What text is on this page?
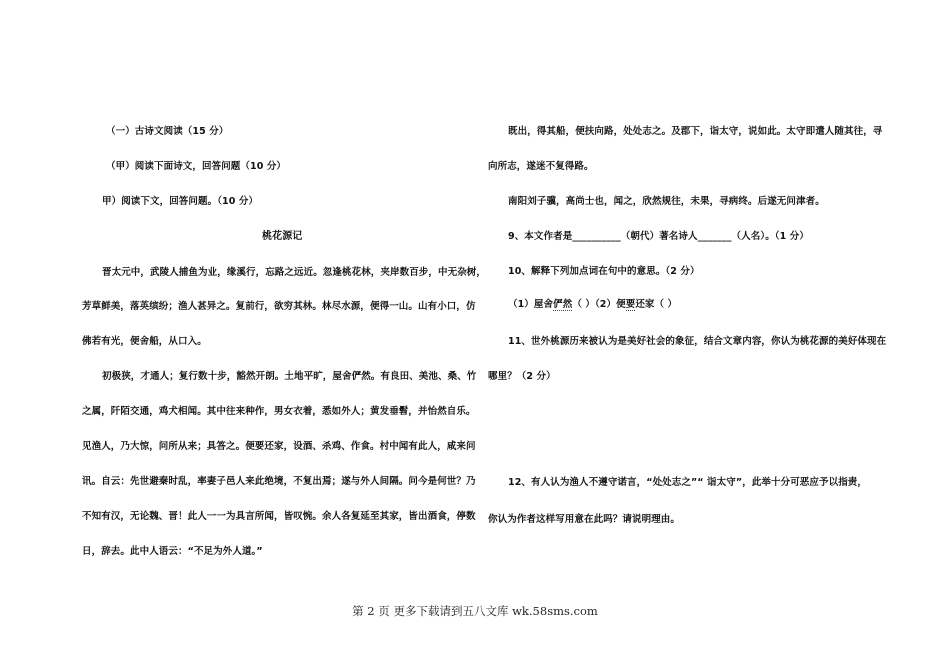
（一）古诗文阅读（15 分）
（甲）阅读下面诗文，回答问题（10 分）
甲）阅读下文，回答问题。（10 分）
桃花源记
晋太元中，武陵人捕鱼为业，缘溪行，忘路之远近。忽逢桃花林，夹岸数百步，中无杂树，
芳草鲜美，落英缤纷；渔人甚异之。复前行，欲穷其林。林尽水源，便得一山。山有小口，仿
佛若有光，便舍船，从口入。
初极狭，才通人；复行数十步，豁然开朗。土地平旷，屋舍俨然。有良田、美池、桑、竹
之属，阡陌交通，鸡犬相闻。其中往来种作，男女衣着，悉如外人；黄发垂髫，并怡然自乐。
见渔人，乃大惊，问所从来；具答之。便要还家，设酒、杀鸡、作食。村中闻有此人，咸来问
讯。自云：先世避秦时乱，率妻子邑人来此绝境，不复出焉；遂与外人间隔。问今是何世？乃
不知有汉，无论魏、晋！此人一一为具言所闻，皆叹惋。余人各复延至其家，皆出酒食，停数
日，辞去。此中人语云：“不足为外人道。”
既出，得其船，便扶向路，处处志之。及郡下，诣太守，说如此。太守即遣人随其往，寻
向所志，遂迷不复得路。
南阳刘子骥，高尚士也，闻之，欣然规往，未果，寻病终。后遂无问津者。
9、本文作者是__________（朝代）著名诗人_______（人名）。（1 分）
10、解释下列加点词在句中的意思。（2 分）
（1）屋舍俨然（ ）（2）便要还家（ ）
11、世外桃源历来被认为是美好社会的象征，结合文章内容，你认为桃花源的美好体现在
哪里？（2 分）
12、有人认为渔人不遵守诺言，“处处志之”“ 诣太守”，此举十分可恶应予以指责，
你认为作者这样写用意在此吗？请说明理由。
第 2 页 更多下载请到五八文库 wk.58sms.com
